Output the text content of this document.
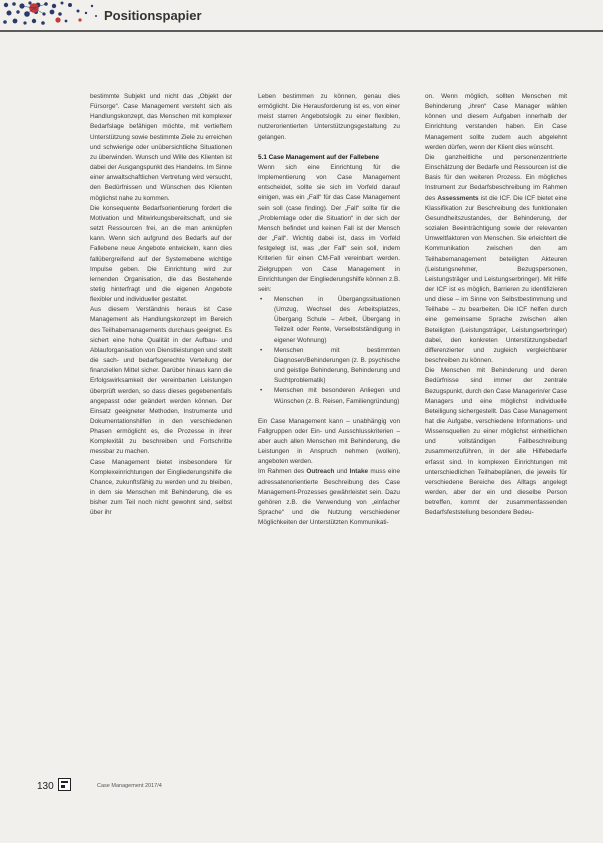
Positionspapier

bestimmte Subjekt und nicht das „Objekt der Fürsorge“. Case Management versteht sich als Handlungskonzept, das Menschen mit komplexer Bedarfslage befähigen möchte, mit vertieftem Unterstützung sowie bestimmte Ziele zu erreichen und schwierige oder unübersichtliche Situationen zu überwinden. Wunsch und Wille des Klienten ist dabei der Ausgangspunkt des Handelns. Im Sinne einer anwaltschaftlichen Vertretung wird versucht, den Bedürfnissen und Wünschen des Klienten möglichst nahe zu kommen.

Die konsequente Bedarfsorientierung fordert die Motivation und Mitwirkungsbereitschaft, und sie setzt Ressourcen frei, an die man anknüpfen kann. Wenn sich aufgrund des Bedarfs auf der Fallebene neue Angebote entwickeln, kann dies fallübergreifend auf der Systemebene wichtige Impulse geben. Die Einrichtung wird zur lernenden Organisation, die das Bestehende stetig hinterfragt und die eigenen Angebote flexibler und individueller gestaltet.

Aus diesem Verständnis heraus ist Case Management als Handlungskonzept im Bereich des Teilhabemanagements durchaus geeignet. Es sichert eine hohe Qualität in der Aufbau- und Ablauforganisation von Dienstleistungen und stellt die sach- und bedarfsgerechte Verteilung der finanziellen Mittel sicher. Darüber hinaus kann die Erfolgswirksamkeit der vereinbarten Leistungen überprüft werden, so dass dieses gegebenenfalls angepasst oder geändert werden können. Der Einsatz geeigneter Methoden, Instrumente und Dokumentationshilfen in den verschiedenen Phasen ermöglicht es, die Prozesse in ihrer Komplexität zu beschreiben und Fortschritte messbar zu machen.

Case Management bietet insbesondere für Komplexeinrichtungen der Eingliederungshilfe die Chance, zukunftsfähig zu werden und zu bleiben, in dem sie Menschen mit Behinderung, die es bisher zum Teil noch nicht gewohnt sind, selbst über ihr

Leben bestimmen zu können, genau dies ermöglicht. Die Herausforderung ist es, von einer meist starren Angebotslogik zu einer flexiblen, nutzerorientierten Unterstützungsgestaltung zu gelangen.

5.1 Case Management auf der Fallebene

Wenn sich eine Einrichtung für die Implementierung von Case Management entscheidet, sollte sie sich im Vorfeld darauf einigen, was ein „Fall“ für das Case Management sein soll (case finding). Der „Fall“ sollte für die „Problemlage oder die Situation“ in der sich der Mensch befindet und keinen Fall ist der Mensch der „Fall“. Wichtig dabei ist, dass im Vorfeld festgelegt ist, was „der Fall“ sein soll, indem Kriterien für einen CM-Fall vereinbart werden. Zielgruppen von Case Management in Einrichtungen der Eingliederungshilfe können z.B. sein:

• Menschen in Übergangssituationen (Umzug, Wechsel des Arbeitsplatzes, Übergang Schule – Arbeit, Übergang in Teilzeit oder Rente, Verselbstständigung in eigener Wohnung)
• Menschen mit bestimmten Diagnosen/Behinderungen (z. B. psychische und geistige Behinderung, Behinderung und Suchtproblematik)
• Menschen mit besonderen Anliegen und Wünschen (z. B. Reisen, Familiengründung)

Ein Case Management kann – unabhängig von Fallgruppen oder Ein- und Ausschlusskriterien – aber auch allen Menschen mit Behinderung, die Leistungen in Anspruch nehmen (wollen), angeboten werden.

Im Rahmen des Outreach und Intake muss eine adressatenorientierte Beschreibung des Case Management-Prozesses gewährleistet sein. Dazu gehören z.B. die Verwendung von „einfacher Sprache“ und die Nutzung verschiedener Möglichkeiten der Unterstützten Kommunikati-

on. Wenn möglich, sollten Menschen mit Behinderung „ihren“ Case Manager wählen können und diesem Aufgaben innerhalb der Einrichtung verstanden haben. Ein Case Management sollte zudem auch abgelehnt werden dürfen, wenn der Klient dies wünscht.

Die ganzheitliche und personenzentrierte Einschätzung der Bedarfe und Ressourcen ist die Basis für den weiteren Prozess. Ein mögliches Instrument zur Bedarfsbeschreibung im Rahmen des Assessments ist die ICF. Die ICF bietet eine Klassifikation zur Beschreibung des funktionalen Gesundheitszustandes, der Behinderung, der sozialen Beeinträchtigung sowie der relevanten Umweltfaktoren von Menschen. Sie erleichtert die Kommunikation zwischen den am Teilhabemanagement beteiligten Akteuren (Leistungsnehmer, Bezugspersonen, Leistungsträger und Leistungserbringer). Mit Hilfe der ICF ist es möglich, Barrieren zu identifizieren und diese – im Sinne von Selbstbestimmung und Teilhabe – zu bearbeiten. Die ICF helfen durch eine gemeinsame Sprache zwischen allen Beteiligten (Leistungsträger, Leistungserbringer) dabei, den konkreten Unterstützungsbedarf differenzierter und zugleich vergleichbarer beschreiben zu können.

Die Menschen mit Behinderung und deren Bedürfnisse sind immer der zentrale Bezugspunkt, durch den Case Managerin/er Case Managers und eine möglichst individuelle Beteiligung sichergestellt. Das Case Management hat die Aufgabe, verschiedene Informations- und Wissensquellen zu einer möglichst einheitlichen und vollständigen Fallbeschreibung zusammenzuführen, in der alle Hilfebedarfe erfasst sind. In komplexen Einrichtungen mit unterschiedlichen Teilhabeplänen, die jeweils für verschiedene Bereiche des Alltags angelegt werden, aber der ein und dieselbe Person betreffen, kommt der zusammenfassenden Bedarfsfeststellung besondere Bedeu-

130	Case Management 2017/4
